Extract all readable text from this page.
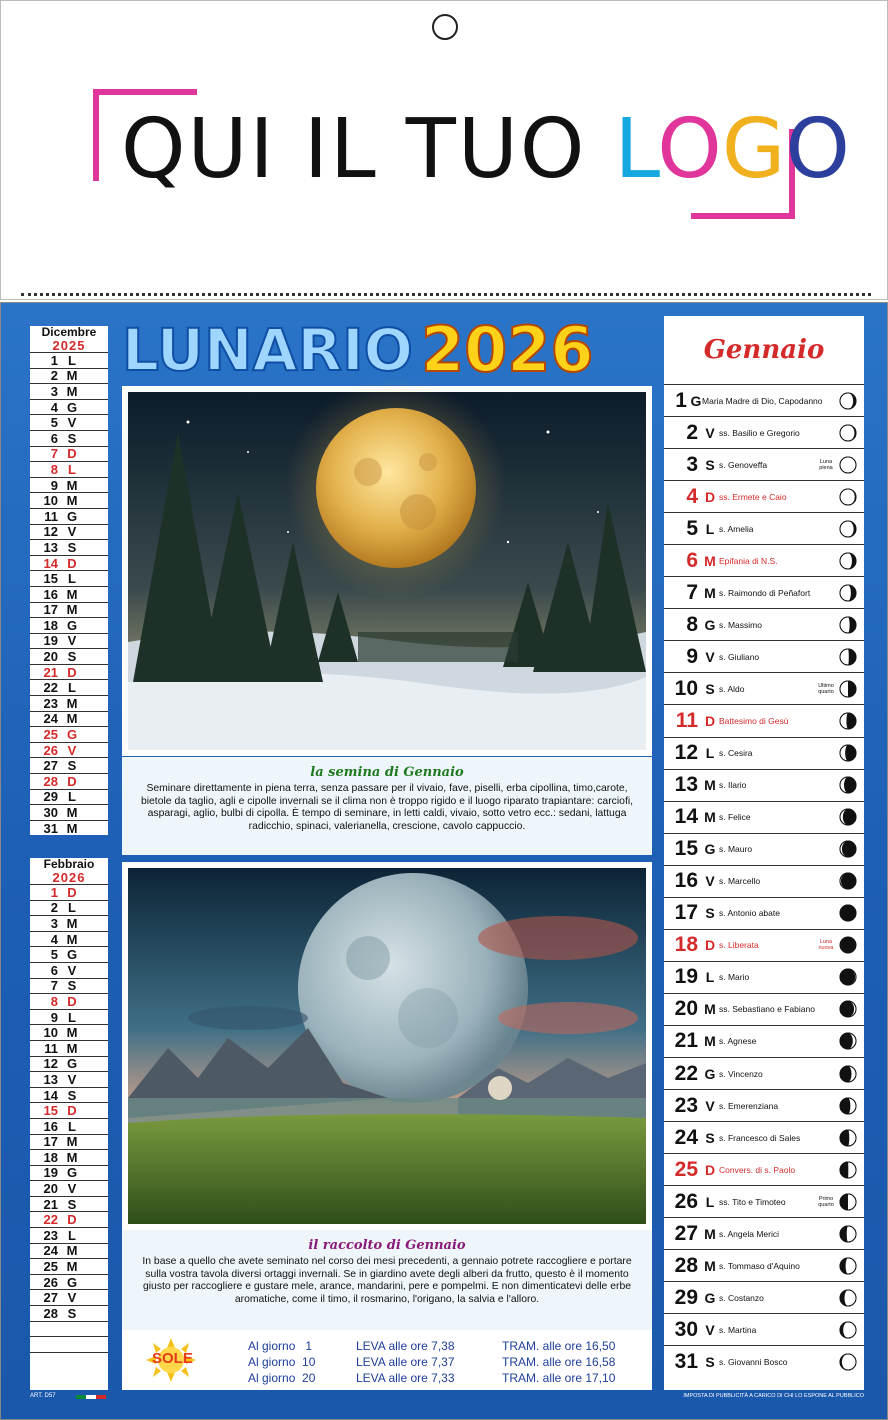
QUI IL TUO LOGO
Dicembre
2025
1 L
2 M
3 M
4 G
5 V
6 S
7 D
8 L
9 M
10 M
11 G
12 V
13 S
14 D
15 L
16 M
17 M
18 G
19 V
20 S
21 D
22 L
23 M
24 M
25 G
26 V
27 S
28 D
29 L
30 M
31 M
Febbraio
2026
1 D
2 L
3 M
4 M
5 G
6 V
7 S
8 D
9 L
10 M
11 M
12 G
13 V
14 S
15 D
16 L
17 M
18 M
19 G
20 V
21 S
22 D
23 L
24 M
25 M
26 G
27 V
28 S
LUNARIO 2026
la semina di Gennaio
Seminare direttamente in piena terra, senza passare per il vivaio, fave, piselli, erba cipollina, timo,carote, bietole da taglio, agli e cipolle invernali se il clima non è troppo rigido e il luogo riparato trapiantare: carciofi, asparagi, aglio, bulbi di cipolla. È tempo di seminare, in letti caldi, vivaio, sotto vetro ecc.: sedani, lattuga radicchio, spinaci, valerianella, crescione, cavolo cappuccio.
il raccolto di Gennaio
In base a quello che avete seminato nel corso dei mesi precedenti, a gennaio potrete raccogliere e portare sulla vostra tavola diversi ortaggi invernali. Se in giardino avete degli alberi da frutto, questo è il momento giusto per raccogliere e gustare mele, arance, mandarini, pere e pompelmi. E non dimenticatevi delle erbe aromatiche, come il timo, il rosmarino, l'origano, la salvia e l'alloro.
SOLE
Al giorno   1	LEVA alle ore 7,38	TRAM. alle ore 16,50
Al giorno  10	LEVA alle ore 7,37	TRAM. alle ore 16,58
Al giorno  20	LEVA alle ore 7,33	TRAM. alle ore 17,10
Gennaio
1 G Maria Madre di Dio, Capodanno
2 V ss. Basilio e Gregorio
3 S s. Genoveffa	Luna piena
4 D ss. Ermete e Caio
5 L s. Amelia
6 M Epifania di N.S.
7 M s. Raimondo di Peñafort
8 G s. Massimo
9 V s. Giuliano
10 S s. Aldo	Ultimo quarto
11 D Battesimo di Gesù
12 L s. Cesira
13 M s. Ilario
14 M s. Felice
15 G s. Mauro
16 V s. Marcello
17 S s. Antonio abate
18 D s. Liberata	Luna nuova
19 L s. Mario
20 M ss. Sebastiano e Fabiano
21 M s. Agnese
22 G s. Vincenzo
23 V s. Emerenziana
24 S s. Francesco di Sales
25 D Convers. di s. Paolo
26 L ss. Tito e Timoteo	Primo quarto
27 M s. Angela Merici
28 M s. Tommaso d'Aquino
29 G s. Costanzo
30 V s. Martina
31 S s. Giovanni Bosco
ART. D57	IMPOSTA DI PUBBLICITÀ A CARICO DI CHI LO ESPONE AL PUBBLICO
